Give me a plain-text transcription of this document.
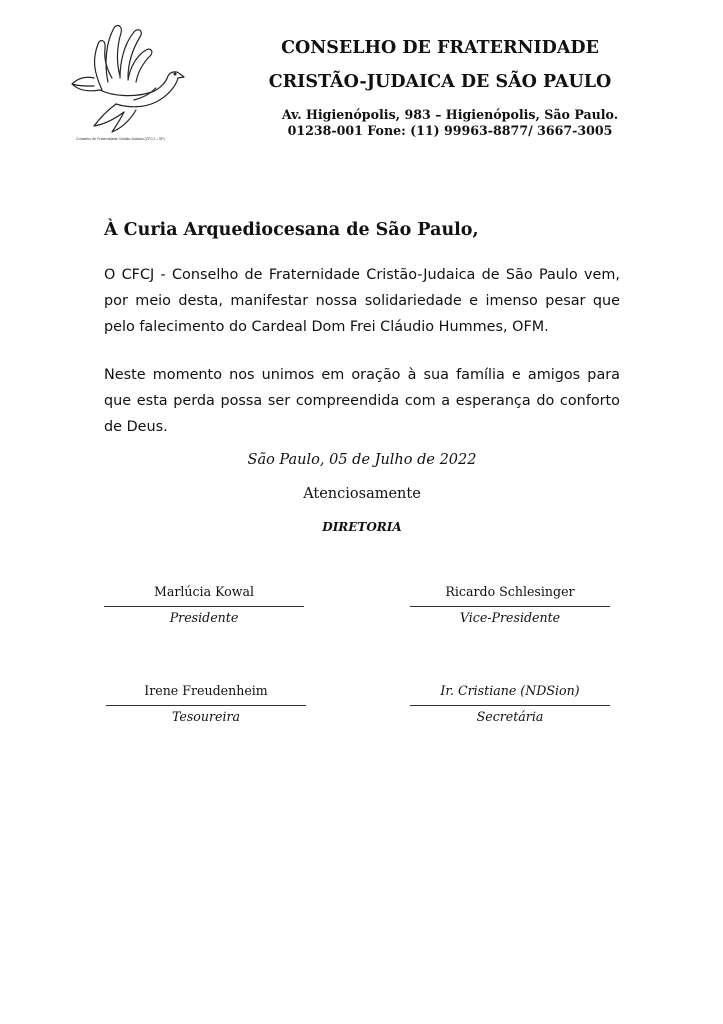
Conselho de Fraternidade Cristão-Judaica (CFCJ – SP)
CONSELHO DE FRATERNIDADE
CRISTÃO-JUDAICA DE SÃO PAULO
Av. Higienópolis, 983 – Higienópolis, São Paulo.
01238-001 Fone: (11) 99963-8877/ 3667-3005
À Curia Arquediocesana de São Paulo,

O CFCJ - Conselho de Fraternidade Cristão-Judaica de São Paulo vem, por meio desta, manifestar nossa solidariedade e imenso pesar que pelo falecimento do Cardeal Dom Frei Cláudio Hummes, OFM.

Neste momento nos unimos em oração à sua família e amigos para que esta perda possa ser compreendida com a esperança do conforto de Deus.

São Paulo, 05 de Julho de 2022
Atenciosamente
DIRETORIA
Marlúcia Kowal
Presidente
Ricardo Schlesinger
Vice-Presidente
Irene Freudenheim
Tesoureira
Ir. Cristiane (NDSion)
Secretária
